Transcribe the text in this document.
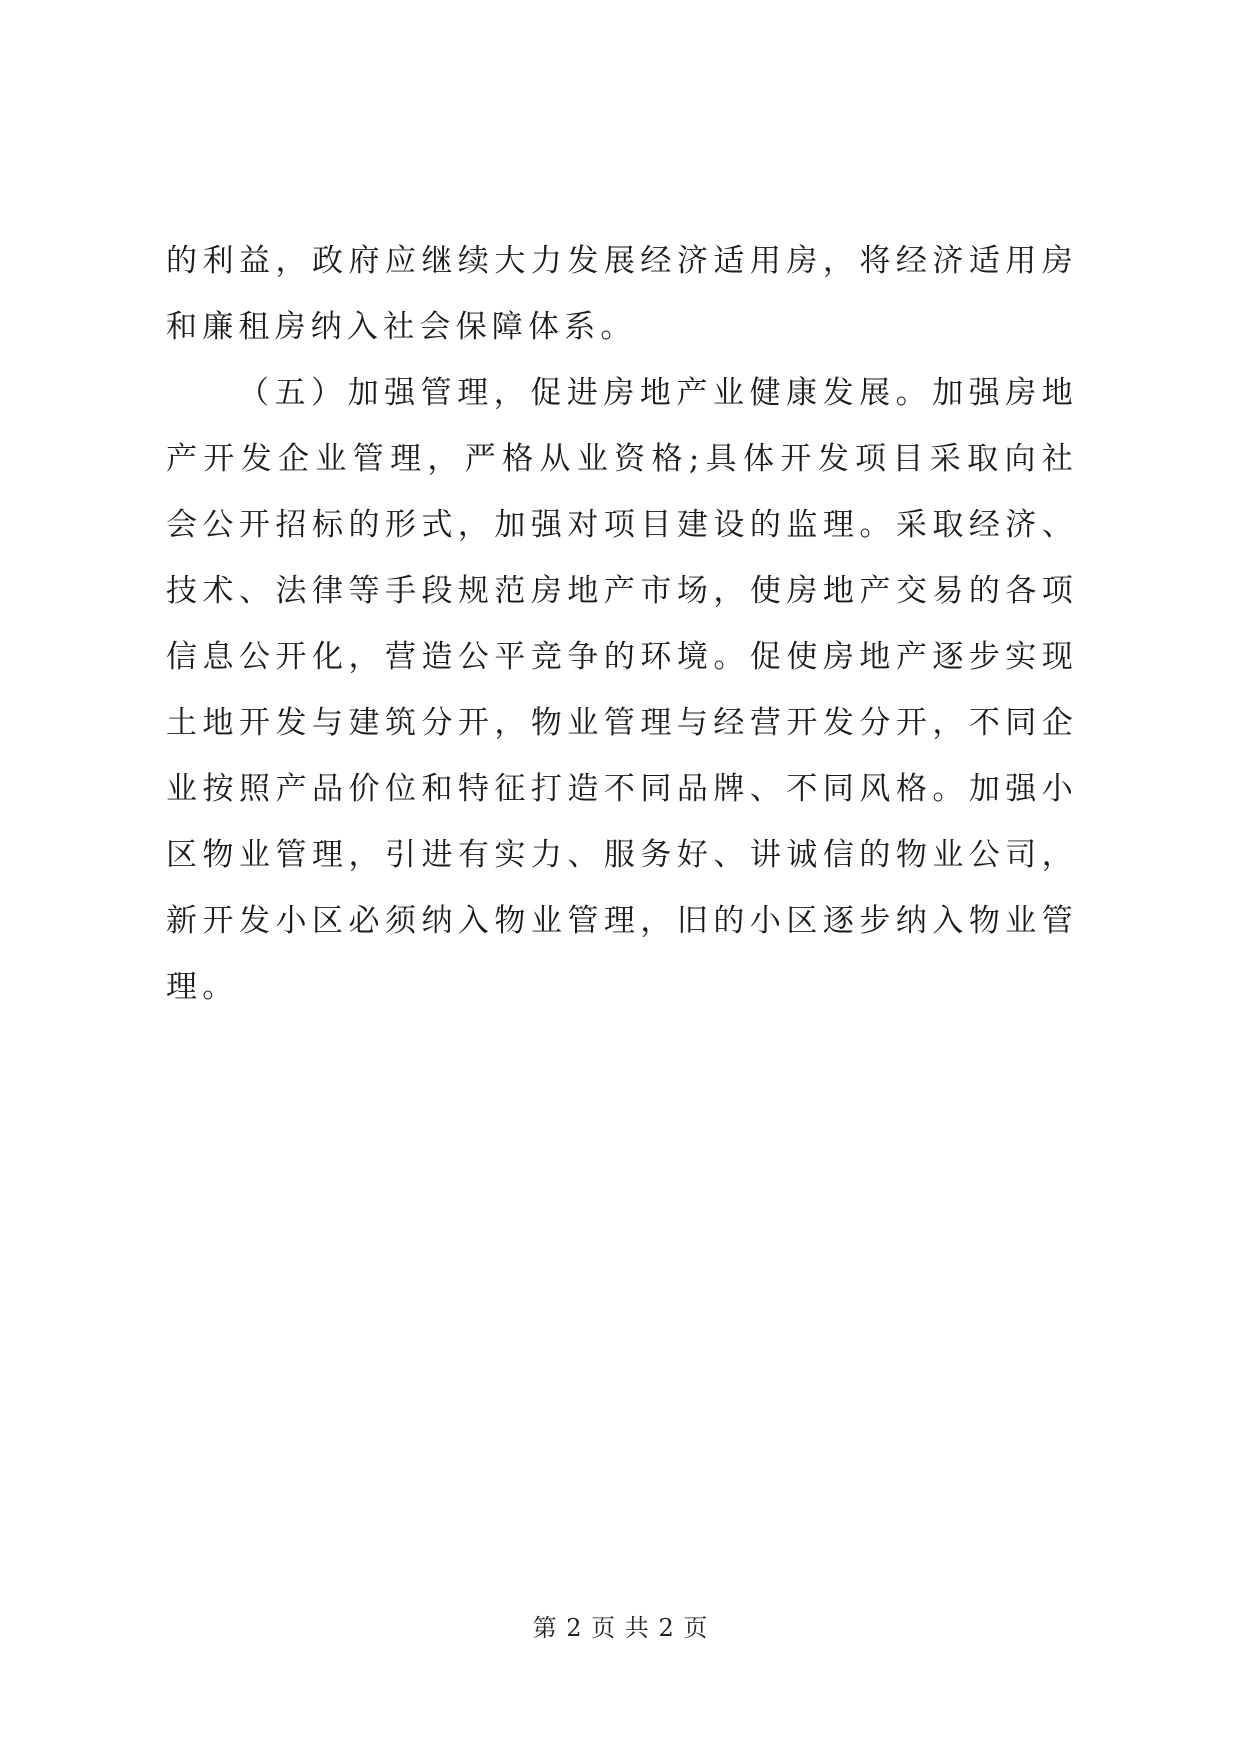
的利益，政府应继续大力发展经济适用房，将经济适用房和廉租房纳入社会保障体系。

（五）加强管理，促进房地产业健康发展。加强房地产开发企业管理，严格从业资格;具体开发项目采取向社会公开招标的形式，加强对项目建设的监理。采取经济、技术、法律等手段规范房地产市场，使房地产交易的各项信息公开化，营造公平竞争的环境。促使房地产逐步实现土地开发与建筑分开，物业管理与经营开发分开，不同企业按照产品价位和特征打造不同品牌、不同风格。加强小区物业管理，引进有实力、服务好、讲诚信的物业公司，新开发小区必须纳入物业管理，旧的小区逐步纳入物业管理。

第 2 页 共 2 页
